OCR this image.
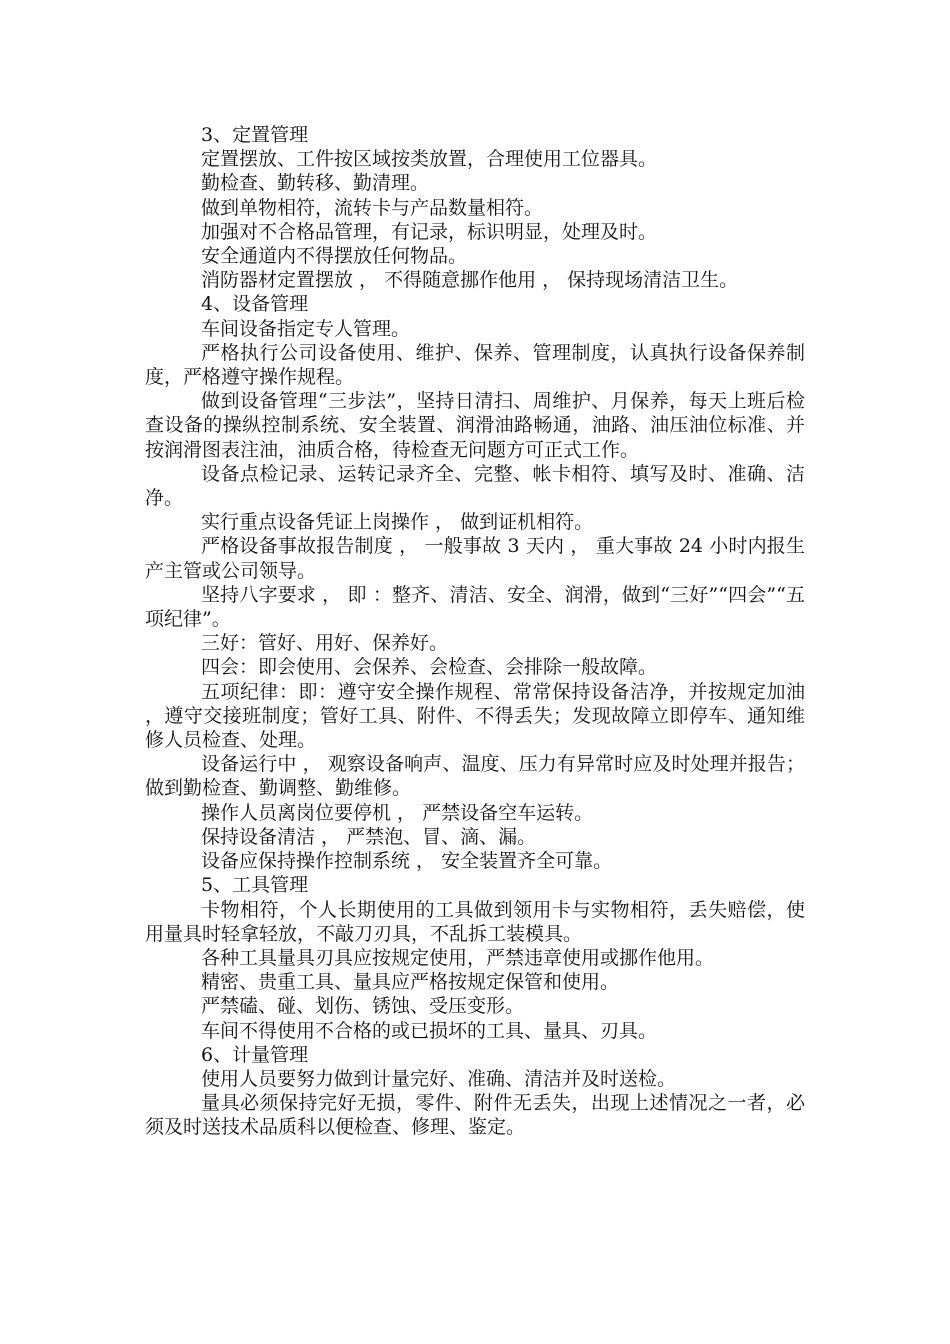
3、定置管理

定置摆放、工件按区域按类放置，合理使用工位器具。

勤检查、勤转移、勤清理。

做到单物相符，流转卡与产品数量相符。

加强对不合格品管理，有记录，标识明显，处理及时。

安全通道内不得摆放任何物品。

消防器材定置摆放 ， 不得随意挪作他用 ， 保持现场清洁卫生。

4、设备管理

车间设备指定专人管理。

严格执行公司设备使用、维护、保养、管理制度，认真执行设备保养制度，严格遵守操作规程。

做到设备管理“三步法”，坚持日清扫、周维护、月保养，每天上班后检查设备的操纵控制系统、安全装置、润滑油路畅通，油路、油压油位标准、并按润滑图表注油，油质合格，待检查无问题方可正式工作。

设备点检记录、运转记录齐全、完整、帐卡相符、填写及时、准确、洁净。

实行重点设备凭证上岗操作 ， 做到证机相符。

严格设备事故报告制度 ， 一般事故 3 天内 ， 重大事故 24 小时内报生产主管或公司领导。

坚持八字要求 ， 即 ：整齐、清洁、安全、润滑，做到“三好”“四会”“五项纪律”。

三好：管好、用好、保养好。

四会：即会使用、会保养、会检查、会排除一般故障。

五项纪律：即：遵守安全操作规程、常常保持设备洁净，并按规定加油，遵守交接班制度；管好工具、附件、不得丢失；发现故障立即停车、通知维修人员检查、处理。

设备运行中 ， 观察设备响声、温度、压力有异常时应及时处理并报告；做到勤检查、勤调整、勤维修。

操作人员离岗位要停机 ， 严禁设备空车运转。

保持设备清洁 ， 严禁泡、冒、滴、漏。

设备应保持操作控制系统 ， 安全装置齐全可靠。

5、工具管理

卡物相符，个人长期使用的工具做到领用卡与实物相符，丢失赔偿，使用量具时轻拿轻放，不敲刀刃具，不乱拆工装模具。

各种工具量具刃具应按规定使用，严禁违章使用或挪作他用。

精密、贵重工具、量具应严格按规定保管和使用。

严禁磕、碰、划伤、锈蚀、受压变形。

车间不得使用不合格的或已损坏的工具、量具、刃具。

6、计量管理

使用人员要努力做到计量完好、准确、清洁并及时送检。

量具必须保持完好无损，零件、附件无丢失，出现上述情况之一者，必须及时送技术品质科以便检查、修理、鉴定。
